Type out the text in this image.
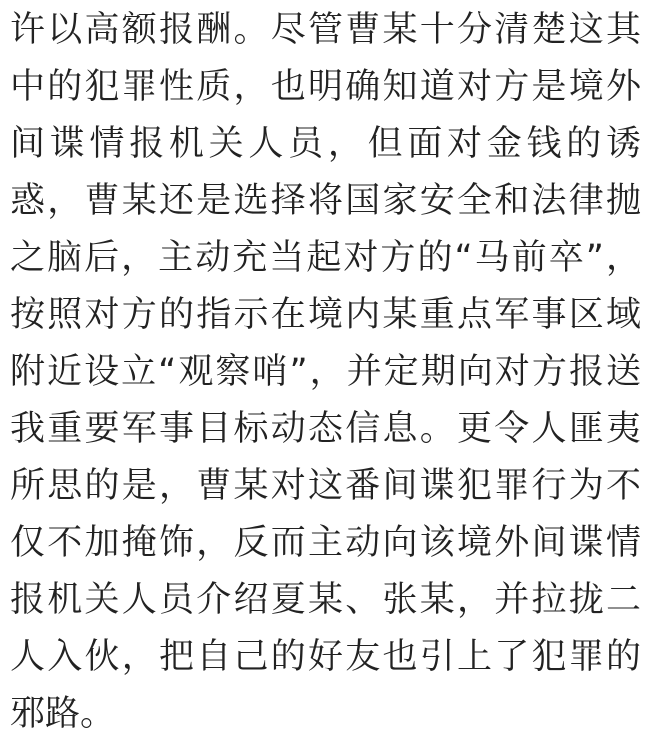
许以高额报酬。尽管曹某十分清楚这其
中的犯罪性质，也明确知道对方是境外
间谍情报机关人员，但面对金钱的诱
惑，曹某还是选择将国家安全和法律抛
之脑后，主动充当起对方的“马前卒”，
按照对方的指示在境内某重点军事区域
附近设立“观察哨”，并定期向对方报送
我重要军事目标动态信息。更令人匪夷
所思的是，曹某对这番间谍犯罪行为不
仅不加掩饰，反而主动向该境外间谍情
报机关人员介绍夏某、张某，并拉拢二
人入伙，把自己的好友也引上了犯罪的
邪路。
